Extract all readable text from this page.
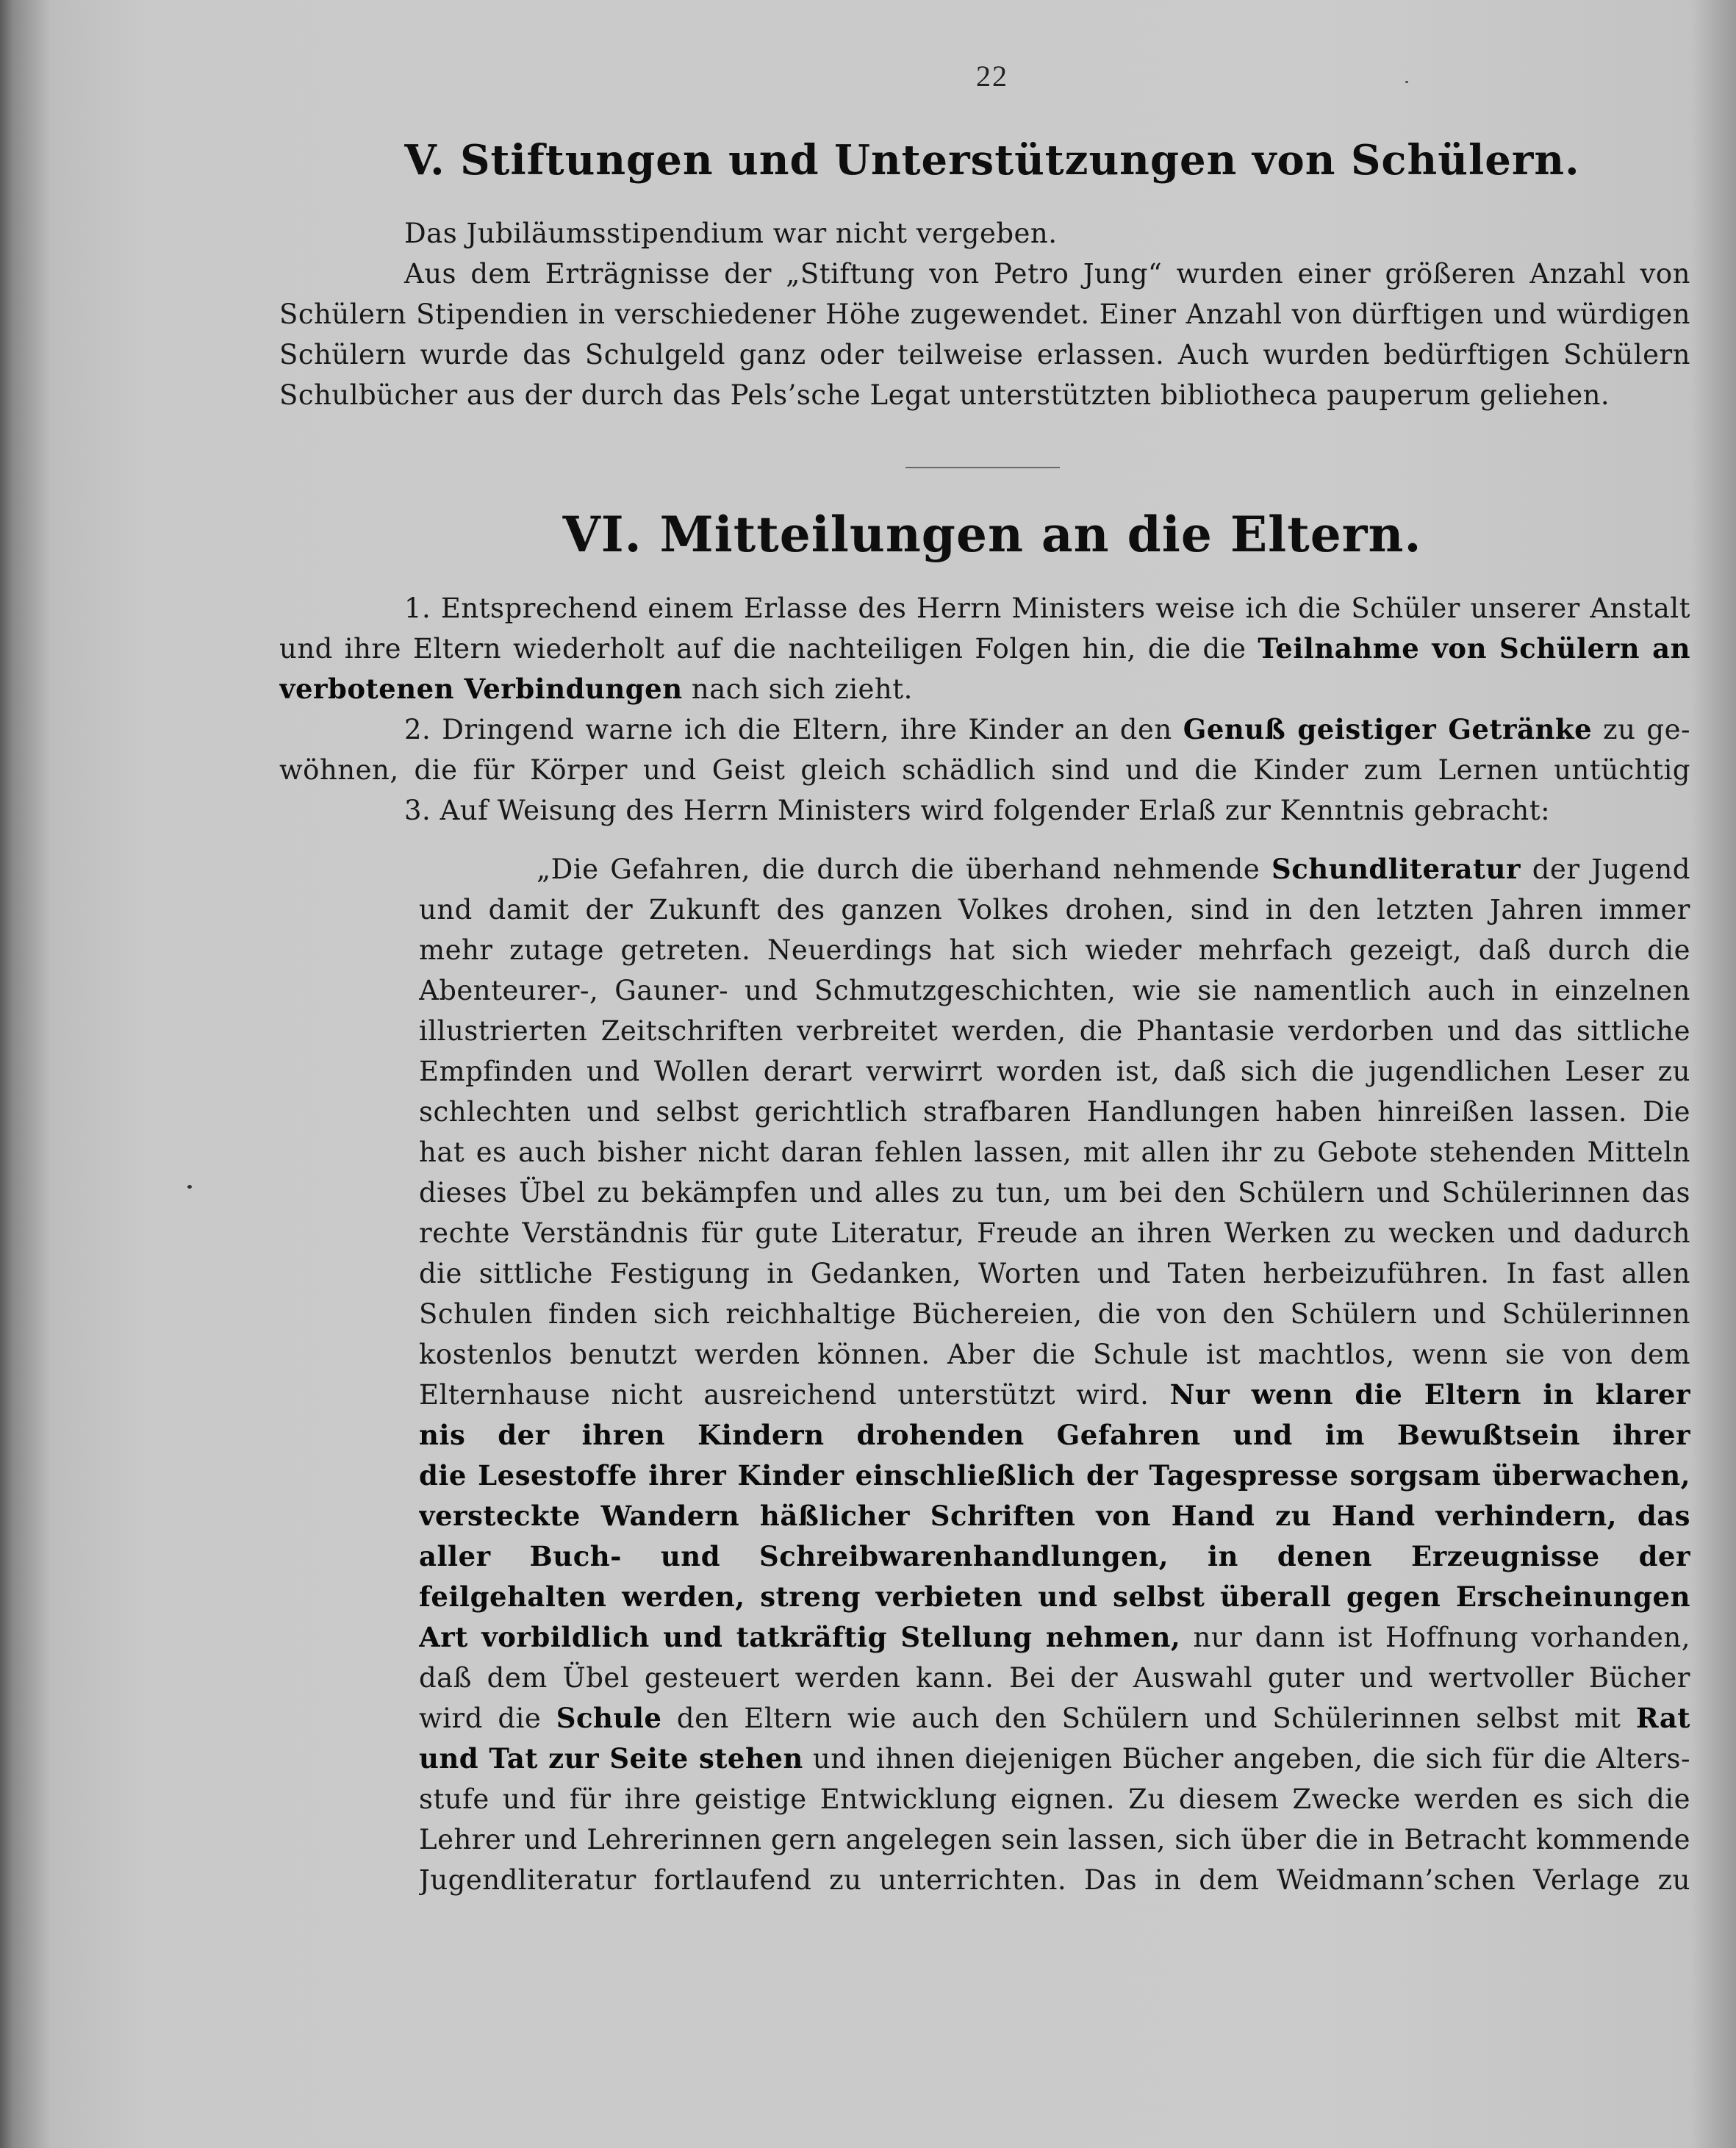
22
V. Stiftungen und Unterstützungen von Schülern.
Das Jubiläumsstipendium war nicht vergeben.
Aus dem Erträgnisse der „Stiftung von Petro Jung“ wurden einer größeren Anzahl von
Schülern Stipendien in verschiedener Höhe zugewendet. Einer Anzahl von dürftigen und würdigen
Schülern wurde das Schulgeld ganz oder teilweise erlassen. Auch wurden bedürftigen Schülern
Schulbücher aus der durch das Pels’sche Legat unterstützten bibliotheca pauperum geliehen.
VI. Mitteilungen an die Eltern.
1. Entsprechend einem Erlasse des Herrn Ministers weise ich die Schüler unserer Anstalt
und ihre Eltern wiederholt auf die nachteiligen Folgen hin, die die Teilnahme von Schülern an
verbotenen Verbindungen nach sich zieht.
2. Dringend warne ich die Eltern, ihre Kinder an den Genuß geistiger Getränke zu ge-
wöhnen, die für Körper und Geist gleich schädlich sind und die Kinder zum Lernen untüchtig
3. Auf Weisung des Herrn Ministers wird folgender Erlaß zur Kenntnis gebracht:
„Die Gefahren, die durch die überhand nehmende Schundliteratur der Jugend
und damit der Zukunft des ganzen Volkes drohen, sind in den letzten Jahren immer
mehr zutage getreten. Neuerdings hat sich wieder mehrfach gezeigt, daß durch die
Abenteurer-, Gauner- und Schmutzgeschichten, wie sie namentlich auch in einzelnen
illustrierten Zeitschriften verbreitet werden, die Phantasie verdorben und das sittliche
Empfinden und Wollen derart verwirrt worden ist, daß sich die jugendlichen Leser zu
schlechten und selbst gerichtlich strafbaren Handlungen haben hinreißen lassen. Die
hat es auch bisher nicht daran fehlen lassen, mit allen ihr zu Gebote stehenden Mitteln
dieses Übel zu bekämpfen und alles zu tun, um bei den Schülern und Schülerinnen das
rechte Verständnis für gute Literatur, Freude an ihren Werken zu wecken und dadurch
die sittliche Festigung in Gedanken, Worten und Taten herbeizuführen. In fast allen
Schulen finden sich reichhaltige Büchereien, die von den Schülern und Schülerinnen
kostenlos benutzt werden können. Aber die Schule ist machtlos, wenn sie von dem
Elternhause nicht ausreichend unterstützt wird. Nur wenn die Eltern in klarer
nis der ihren Kindern drohenden Gefahren und im Bewußtsein ihrer
die Lesestoffe ihrer Kinder einschließlich der Tagespresse sorgsam überwachen,
versteckte Wandern häßlicher Schriften von Hand zu Hand verhindern, das
aller Buch- und Schreibwarenhandlungen, in denen Erzeugnisse der
feilgehalten werden, streng verbieten und selbst überall gegen Erscheinungen
Art vorbildlich und tatkräftig Stellung nehmen, nur dann ist Hoffnung vorhanden,
daß dem Übel gesteuert werden kann. Bei der Auswahl guter und wertvoller Bücher
wird die Schule den Eltern wie auch den Schülern und Schülerinnen selbst mit Rat
und Tat zur Seite stehen und ihnen diejenigen Bücher angeben, die sich für die Alters-
stufe und für ihre geistige Entwicklung eignen. Zu diesem Zwecke werden es sich die
Lehrer und Lehrerinnen gern angelegen sein lassen, sich über die in Betracht kommende
Jugendliteratur fortlaufend zu unterrichten. Das in dem Weidmann’schen Verlage zu
